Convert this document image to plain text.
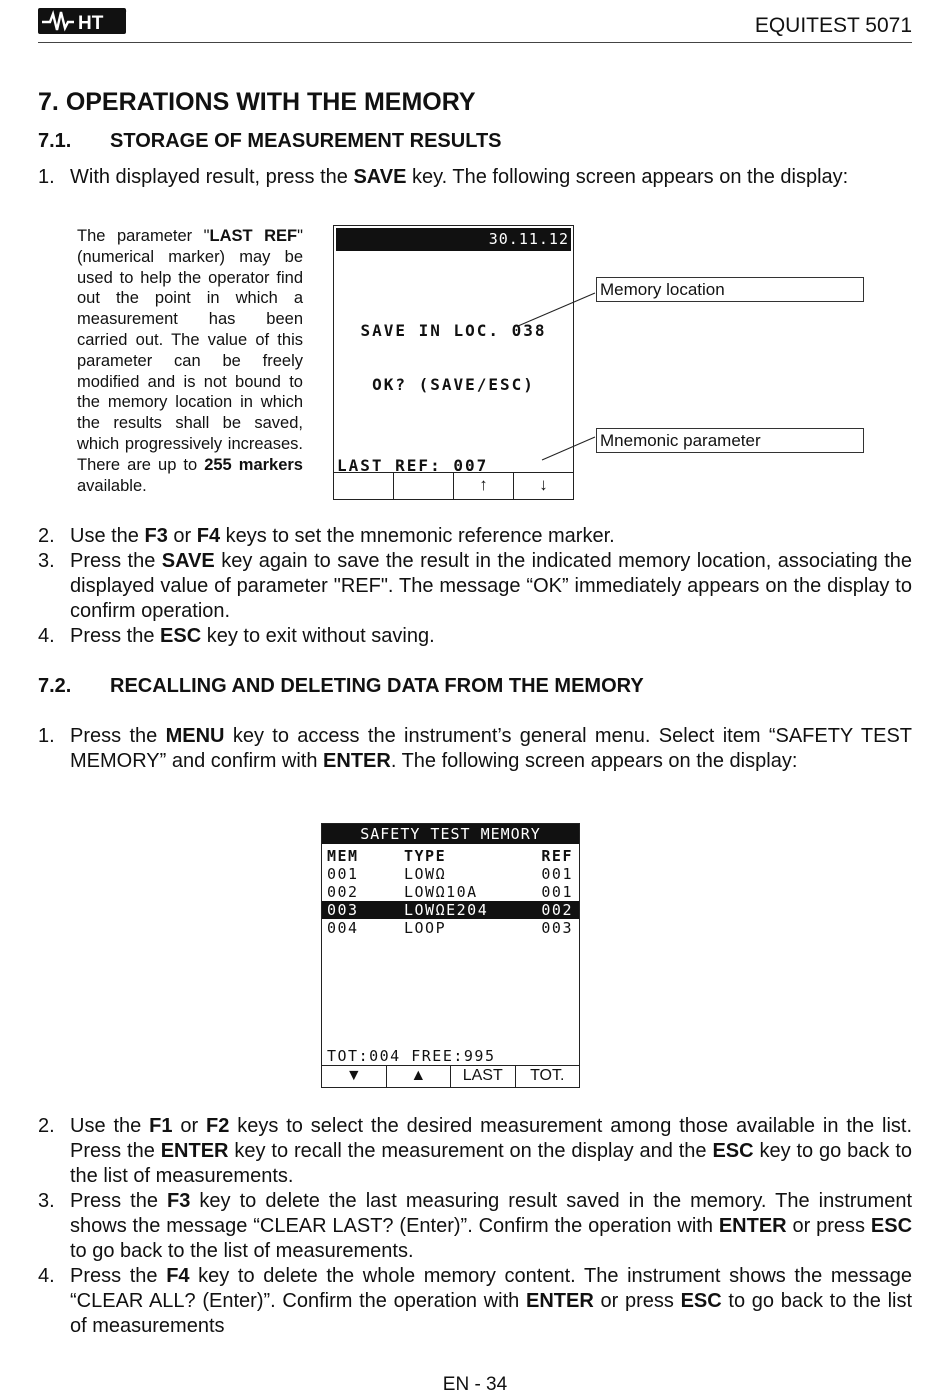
HT	EQUITEST 5071
7. OPERATIONS WITH THE MEMORY
7.1. STORAGE OF MEASUREMENT RESULTS
1. With displayed result, press the SAVE key. The following screen appears on the display:
The parameter "LAST REF" (numerical marker) may be used to help the operator find out the point in which a measurement has been carried out. The value of this parameter can be freely modified and is not bound to the memory location in which the results shall be saved, which progressively increases. There are up to 255 markers available.
30.11.12
SAVE IN LOC. 038
OK? (SAVE/ESC)
LAST REF: 007
↑	↓
Memory location
Mnemonic parameter
2. Use the F3 or F4 keys to set the mnemonic reference marker.
3. Press the SAVE key again to save the result in the indicated memory location, associating the displayed value of parameter "REF". The message “OK” immediately appears on the display to confirm operation.
4. Press the ESC key to exit without saving.
7.2. RECALLING AND DELETING DATA FROM THE MEMORY
1. Press the MENU key to access the instrument’s general menu. Select item “SAFETY TEST MEMORY” and confirm with ENTER. The following screen appears on the display:
SAFETY TEST MEMORY
MEM	TYPE	REF
001	LOWΩ	001
002	LOWΩ10A	001
003	LOWΩE204	002
004	LOOP	003
TOT:004 FREE:995
▼	▲	LAST	TOT.
2. Use the F1 or F2 keys to select the desired measurement among those available in the list. Press the ENTER key to recall the measurement on the display and the ESC key to go back to the list of measurements.
3. Press the F3 key to delete the last measuring result saved in the memory. The instrument shows the message “CLEAR LAST? (Enter)”. Confirm the operation with ENTER or press ESC to go back to the list of measurements.
4. Press the F4 key to delete the whole memory content. The instrument shows the message “CLEAR ALL? (Enter)”. Confirm the operation with ENTER or press ESC to go back to the list of measurements
EN - 34
